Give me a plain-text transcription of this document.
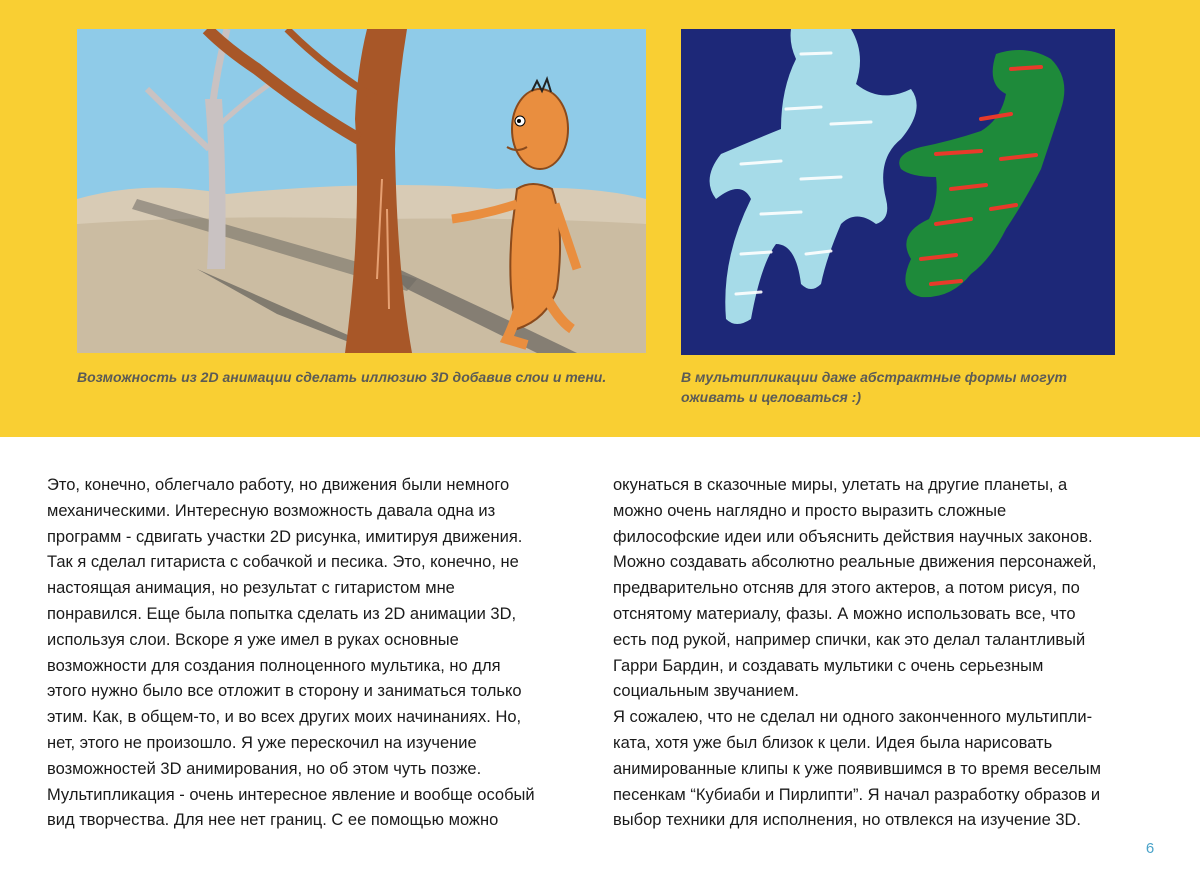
Возможность из 2D анимации сделать иллюзию 3D добавив слои и тени.	В мультипликации даже абстрактные формы могут
оживать и целоваться :)

Это, конечно, облегчало работу, но движения были немного
механическими. Интересную возможность давала одна из
программ - сдвигать участки 2D рисунка, имитируя движения.
Так я сделал гитариста с собачкой и песика. Это, конечно, не
настоящая анимация, но результат с гитаристом мне
понравился. Еще была попытка сделать из 2D анимации 3D,
используя слои. Вскоре я уже имел в руках основные
возможности для создания полноценного мультика, но для
этого нужно было все отложит в сторону и заниматься только
этим. Как, в общем-то, и во всех других моих начинаниях. Но,
нет, этого не произошло. Я уже перескочил на изучение
возможностей 3D анимирования, но об этом чуть позже.
Мультипликация - очень интересное явление и вообще особый
вид творчества. Для нее нет границ. С ее помощью можно
окунаться в сказочные миры, улетать на другие планеты, а
можно очень наглядно и просто выразить сложные
философские идеи или объяснить действия научных законов.
Можно создавать абсолютно реальные движения персонажей,
предварительно отсняв для этого актеров, а потом рисуя, по
отснятому материалу, фазы. А можно использовать все, что
есть под рукой, например спички, как это делал талантливый
Гарри Бардин, и создавать мультики с очень серьезным
социальным звучанием.
Я сожалею, что не сделал ни одного законченного мультипли-
ката, хотя уже был близок к цели. Идея была нарисовать
анимированные клипы к уже появившимся в то время веселым
песенкам “Кубиаби и Пирлипти”. Я начал разработку образов и
выбор техники для исполнения, но отвлекся на изучение 3D.
6
